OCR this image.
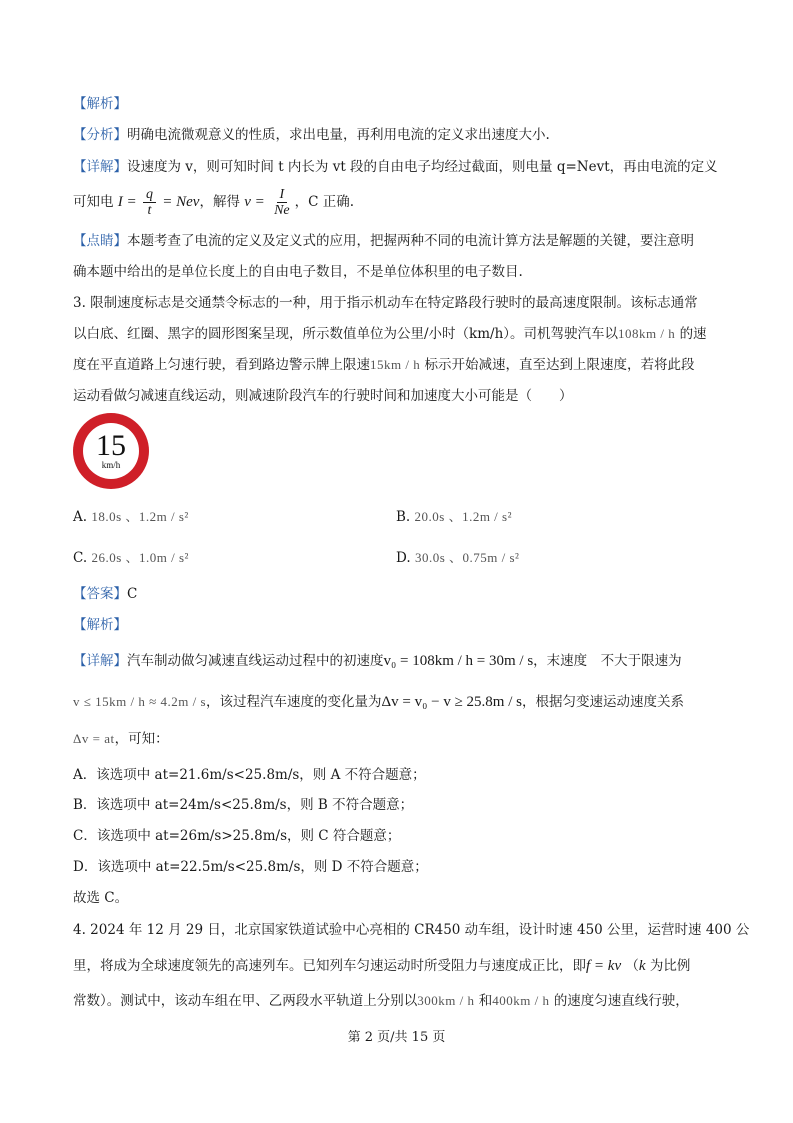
【解析】
【分析】明确电流微观意义的性质，求出电量，再利用电流的定义求出速度大小.
【详解】设速度为 v，则可知时间 t 内长为 vt 段的自由电子均经过截面，则电量 q=Nevt，再由电流的定义
可知电 $I = \frac{q}{t}$ = Nev，解得 $v = \frac{I}{Ne}$ ，C 正确.
【点睛】本题考查了电流的定义及定义式的应用，把握两种不同的电流计算方法是解题的关键，要注意明
确本题中给出的是单位长度上的自由电子数目，不是单位体积里的电子数目.
3. 限制速度标志是交通禁令标志的一种，用于指示机动车在特定路段行驶时的最高速度限制。该标志通常
以白底、红圈、黑字的圆形图案呈现，所示数值单位为公里/小时（km/h）。司机驾驶汽车以108km / h 的速
度在平直道路上匀速行驶，看到路边警示牌上限速15km / h 标示开始减速，直至达到上限速度，若将此段
运动看做匀减速直线运动，则减速阶段汽车的行驶时间和加速度大小可能是（　　）
15
km/h
A. 18.0s 、1.2m / s²	B. 20.0s 、1.2m / s²
C. 26.0s 、1.0m / s²	D. 30.0s 、0.75m / s²
【答案】C
【解析】
【详解】汽车制动做匀减速直线运动过程中的初速度v₀ = 108km / h = 30m / s，末速度　不大于限速为
v ≤ 15km / h ≈ 4.2m / s，该过程汽车速度的变化量为Δv = v₀ − v ≥ 25.8m / s，根据匀变速运动速度关系
Δv = at，可知：
A．该选项中 at=21.6m/s<25.8m/s，则 A 不符合题意；
B．该选项中 at=24m/s<25.8m/s，则 B 不符合题意；
C．该选项中 at=26m/s>25.8m/s，则 C 符合题意；
D．该选项中 at=22.5m/s<25.8m/s，则 D 不符合题意；
故选 C。
4. 2024 年 12 月 29 日，北京国家铁道试验中心亮相的 CR450 动车组，设计时速 450 公里，运营时速 400 公
里，将成为全球速度领先的高速列车。已知列车匀速运动时所受阻力与速度成正比，即f = kv （k 为比例
常数）。测试中，该动车组在甲、乙两段水平轨道上分别以300km / h 和400km / h 的速度匀速直线行驶，
第 2 页/共 15 页
